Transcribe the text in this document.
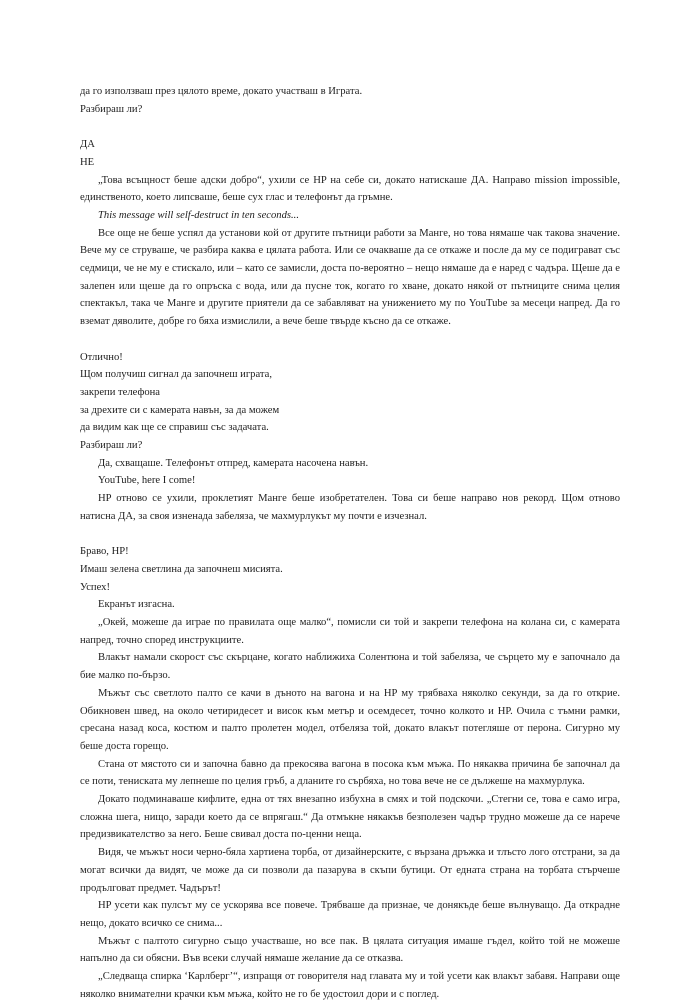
да го използваш през цялото време, докато участваш в Играта.

Разбираш ли?

ДА

НЕ

„Това всъщност беше адски добро“, ухили се HP на себе си, докато натискаше ДА. Направо mission impossible, единственото, което липсваше, беше сух глас и телефонът да гръмне.

This message will self-destruct in ten seconds...

Все още не беше успял да установи кой от другите пътници работи за Манге, но това нямаше чак такова значение. Вече му се струваше, че разбира каква е цялата работа. Или се очакваше да се откаже и после да му се подиграват със седмици, че не му е стискало, или – като се замисли, доста по-вероятно – нещо нямаше да е наред с чадъра. Щеше да е залепен или щеше да го опръска с вода, или да пусне ток, когато го хване, докато някой от пътниците снима целия спектакъл, така че Манге и другите приятели да се забавляват на унижението му по YouTube за месеци напред. Да го вземат дяволите, добре го бяха измислили, а вече беше твърде късно да се откаже.

Отлично!

Щом получиш сигнал да започнеш играта,

закрепи телефона

за дрехите си с камерата навън, за да можем

да видим как ще се справиш със задачата.

Разбираш ли?

Да, схващаше. Телефонът отпред, камерата насочена навън.

YouTube, here I come!

HP отново се ухили, проклетият Манге беше изобретателен. Това си беше направо нов рекорд. Щом отново натисна ДА, за своя изненада забеляза, че махмурлукът му почти е изчезнал.

Браво, HP!

Имаш зелена светлина да започнеш мисията.

Успех!

Екранът изгасна.

„Окей, можеше да играе по правилата още малко“, помисли си той и закрепи телефона на колана си, с камерата напред, точно според инструкциите.

Влакът намали скорост със скърцане, когато наближиха Солентюна и той забеляза, че сърцето му е започнало да бие малко по-бързо.

Мъжът със светлото палто се качи в дъното на вагона и на HP му трябваха няколко секунди, за да го открие. Обикновен швед, на около четиридесет и висок към метър и осемдесет, точно колкото и HP. Очила с тъмни рамки, сресана назад коса, костюм и палто пролетен модел, отбеляза той, докато влакът потегляше от перона. Сигурно му беше доста горещо.

Стана от мястото си и започна бавно да прекосява вагона в посока към мъжа. По някаква причина бе започнал да се поти, тениската му лепнеше по целия гръб, а дланите го сърбяха, но това вече не се дължеше на махмурлука.

Докато подминаваше кифлите, една от тях внезапно избухна в смях и той подскочи. „Стегни се, това е само игра, сложна шега, нищо, заради което да се впрягаш.“ Да отмъкне някакъв безполезен чадър трудно можеше да се нарече предизвикателство за него. Беше свивал доста по-ценни неща.

Видя, че мъжът носи черно-бяла хартиена торба, от дизайнерските, с вързана дръжка и тлъсто лого отстрани, за да могат всички да видят, че може да си позволи да пазарува в скъпи бутици. От едната страна на торбата стърчеше продълговат предмет. Чадърът!

HP усети как пулсът му се ускорява все повече. Трябваше да признае, че донякъде беше вълнуващо. Да открадне нещо, докато всичко се снима...

Мъжът с палтото сигурно също участваше, но все пак. В цялата ситуация имаше гъдел, който той не можеше напълно да си обясни. Във всеки случай нямаше желание да се отказва.

„Следваща спирка ‘Карлберг’“, изпращя от говорителя над главата му и той усети как влакът забавя. Направи още няколко внимателни крачки към мъжа, който не го бе удостоил дори и с поглед.
